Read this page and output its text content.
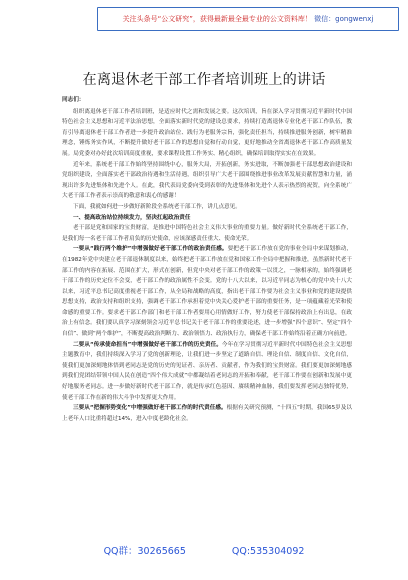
关注头条号“公文研究”，获得最新最全最专业的公文资料库！ 微信：gongwenxj
在离退休老干部工作者培训班上的讲话

同志们：

组织离退休老干部工作者培训班，是适应时代之需和发展之要。这次培训，旨在深入学习贯彻习近平新时代中国特色社会主义思想和习近平法治思想，全面落实新时代党的建设总要求，持续打造离退休专业化老干部工作队伍，教育引导离退休老干部工作者进一步提升政治站位、践行为老服务宗旨，强化责任担当，持续推进服务创新，树牢精准理念，锤炼务实作风，不断提升做好老干部工作的思想自觉和行动自觉，更好地推动全省离退休老干部工作高质量发展。局党委对办好此次培训高度重视，要求课程设置工作务实、精心组织，确保培训取得实实在在效果。

近年来，系统老干部工作始终坚持围绕中心，服务大局，开拓创新，务实进取，不断加强老干部思想政治建设和党组织建设，全面落实老干部政治待遇和生活待遇，组织引导广大老干部围绕推进事业改革发展贡献智慧和力量，涌现出许多先进集体和先进个人。在此，我代表局党委向受到表彰的先进集体和先进个人表示热烈的祝贺，向全系统广大老干部工作者表示崇高的敬意和衷心的感谢！

下面，我就如何进一步做好新阶段全系统老干部工作，讲几点意见。

一、提高政治站位持续发力，坚决扛起政治责任

老干部是党和国家的宝贵财富，是推进中国特色社会主义伟大事业的重要力量。做好新时代全系统老干部工作，是我们每一名老干部工作者肩负的历史使命，应该深感责任重大、使命光荣。

一要从“践行两个维护”中增强做好老干部工作的政治责任感。要把老干部工作放在党的事业全局中来谋划推动，在1982年党中央建立老干部退休制度以来，始终把老干部工作放在党和国家工作全局中把握和推进，虽然新时代老干部工作的内容在拓展、范围在扩大，形式在创新，但党中央对老干部工作的政策一以贯之，一脉相承的，始终强调老干部工作的历史定位不会变，老干部工作的政治属性不会变。党的十八大以来，以习近平同志为核心的党中央十八大以来，习近平总书记高度重视老干部工作，从全局和战略的高度，指出老干部工作要为社会主义事业和党的建设提供思想支持，政治支持和组织支持，强调老干部工作承担着党中央关心爱护老干部的重要任务，是一项蕴藏着光荣和使命感的重要工作。要求老干部工作部门和老干部工作者要用心用情做好工作，努力使老干部保持政治上有出息，在政治上有信念。我们要认真学习深刻领会习近平总书记关于老干部工作的重要论述，进一步增强“四个意识”、坚定“四个自信”、做到“两个维护”，不断提高政治判断力、政治领悟力、政治执行力，确保老干部工作始终沿着正确方向前进。

二要从“传承使命担当”中增强做好老干部工作的历史责任。今年在学习贯彻习近平新时代中国特色社会主义思想主题教育中，我们持续深入学习了党的创新理论，让我们进一步坚定了道路自信、理论自信、制度自信、文化自信，使我们更加深刻地体悟到老同志是党的历史的见证者、亲历者、贡献者，作为我们的宝贵财富。我们要更加深刻地感到我们党团结带领中国人民在创造“四个伟大成就”中都凝结着老同志的开拓和奉献，老干部工作要在创新和发展中更好地服务老同志。进一步做好新时代老干部工作，就是传承红色基因、赓续精神血脉，我们要发挥老同志独特优势，使老干部工作在新的伟大斗争中发挥更大作用。

三要从“把握形势变化”中增强做好老干部工作的时代责任感。根据有关研究预测，“十四五”时期，我国65岁及以上老年人口比重将超过14%，进入中度老龄化社会。

QQ群：30265665	QQ:535304092
